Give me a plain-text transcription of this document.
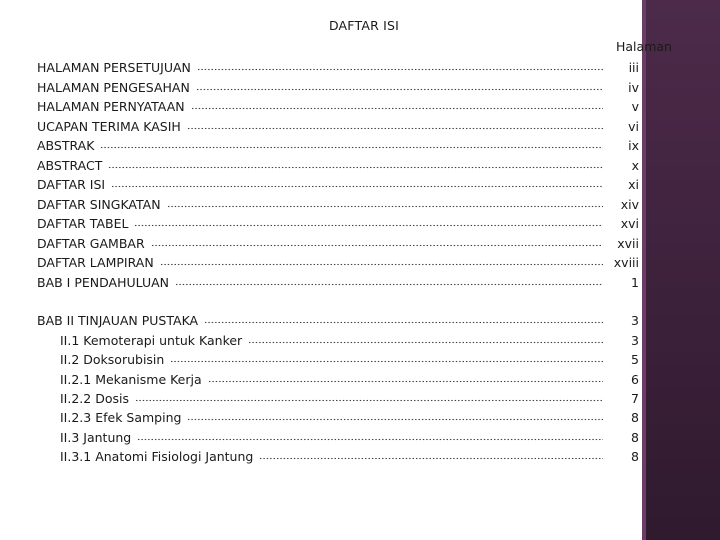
DAFTAR ISI
Halaman
HALAMAN PERSETUJUAN	iii
HALAMAN PENGESAHAN	iv
HALAMAN PERNYATAAN	v
UCAPAN TERIMA KASIH	vi
ABSTRAK	ix
ABSTRACT	x
DAFTAR ISI	xi
DAFTAR SINGKATAN	xiv
DAFTAR TABEL	xvi
DAFTAR GAMBAR	xvii
DAFTAR LAMPIRAN	xviii
BAB I PENDAHULUAN	1
BAB II TINJAUAN PUSTAKA	3
II.1 Kemoterapi untuk Kanker	3
II.2 Doksorubisin	5
II.2.1 Mekanisme Kerja	6
II.2.2 Dosis	7
II.2.3 Efek Samping	8
II.3 Jantung	8
II.3.1 Anatomi Fisiologi Jantung	8
